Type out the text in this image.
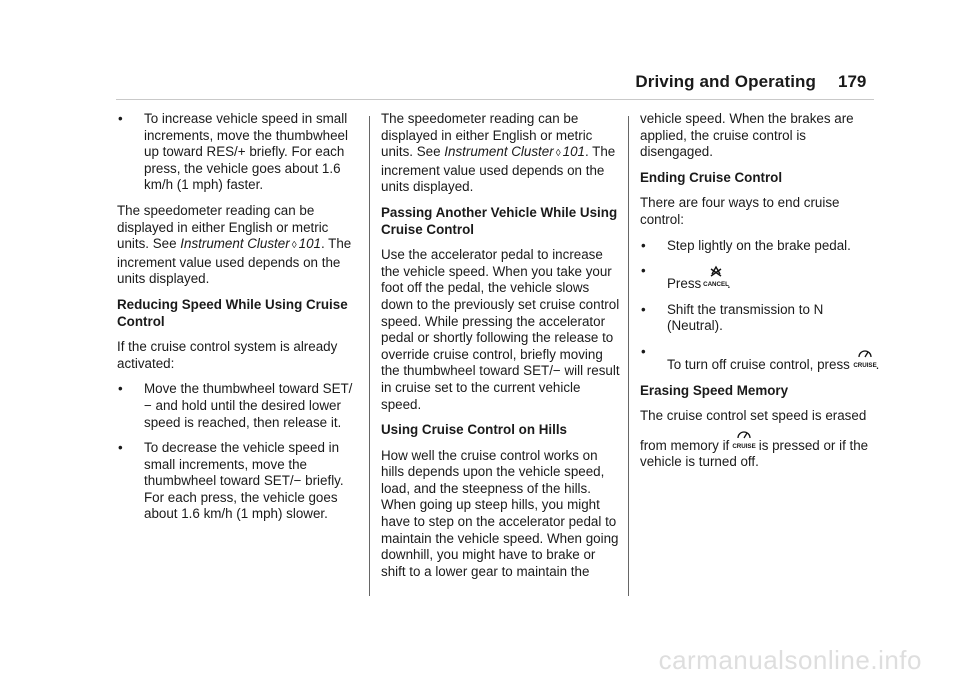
Driving and Operating 179
•	To increase vehicle speed in small increments, move the thumbwheel up toward RES/+ briefly. For each press, the vehicle goes about 1.6 km/h (1 mph) faster.

The speedometer reading can be displayed in either English or metric units. See Instrument Cluster ◊ 101. The increment value used depends on the units displayed.

Reducing Speed While Using Cruise Control

If the cruise control system is already activated:

•	Move the thumbwheel toward SET/− and hold until the desired lower speed is reached, then release it.
•	To decrease the vehicle speed in small increments, move the thumbwheel toward SET/− briefly. For each press, the vehicle goes about 1.6 km/h (1 mph) slower.

The speedometer reading can be displayed in either English or metric units. See Instrument Cluster ◊ 101. The increment value used depends on the units displayed.

Passing Another Vehicle While Using Cruise Control

Use the accelerator pedal to increase the vehicle speed. When you take your foot off the pedal, the vehicle slows down to the previously set cruise control speed. While pressing the accelerator pedal or shortly following the release to override cruise control, briefly moving the thumbwheel toward SET/− will result in cruise set to the current vehicle speed.

Using Cruise Control on Hills

How well the cruise control works on hills depends upon the vehicle speed, load, and the steepness of the hills. When going up steep hills, you might have to step on the accelerator pedal to maintain the vehicle speed. When going downhill, you might have to brake or shift to a lower gear to maintain the

vehicle speed. When the brakes are applied, the cruise control is disengaged.

Ending Cruise Control

There are four ways to end cruise control:

•	Step lightly on the brake pedal.
•
Press
CANCEL
.
•	Shift the transmission to N (Neutral).
•
To turn off cruise control, press CRUISE .
Erasing Speed Memory

The cruise control set speed is erased from memory if CRUISE is pressed or if the vehicle is turned off.

carmanualsonline.info
